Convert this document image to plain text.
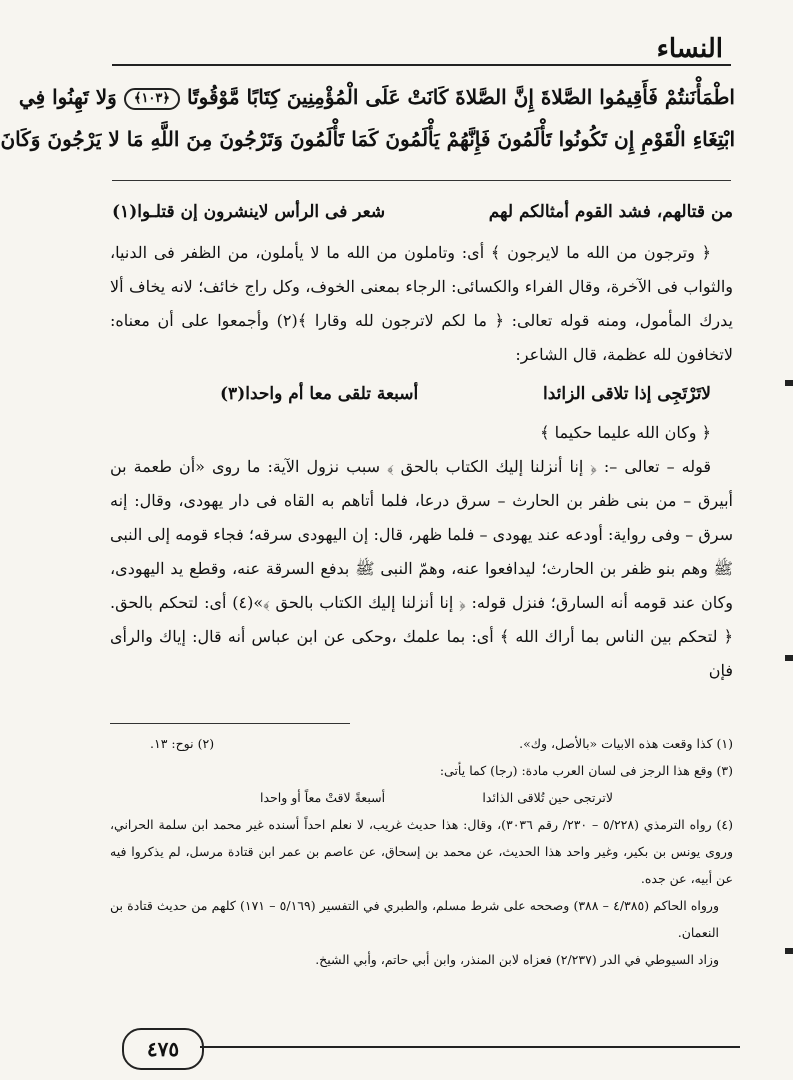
النساء
اطْمَأْنَنتُمْ فَأَقِيمُوا الصَّلاةَ إِنَّ الصَّلاةَ كَانَتْ عَلَى الْمُؤْمِنِينَ كِتَابًا مَّوْقُوتًا ﴿١٠٣﴾ وَلا تَهِنُوا فِي
ابْتِغَاءِ الْقَوْمِ إِن تَكُونُوا تَأْلَمُونَ فَإِنَّهُمْ يَأْلَمُونَ كَمَا تَأْلَمُونَ وَتَرْجُونَ مِنَ اللَّهِ مَا لا يَرْجُونَ وَكَانَ
من قتالهم، فشد القوم أمثالكم لهم
شعر فى الرأس لاينشرون إن قتلـوا(١)

﴿ وترجون من الله ما لايرجون ﴾ أى: وتاملون من الله ما لا يأملون، من الظفر فى الدنيا، والثواب فى الآخرة، وقال الفراء والكسائى: الرجاء بمعنى الخوف، وكل راج خائف؛ لانه يخاف ألا يدرك المأمول، ومنه قوله تعالى: ﴿ ما لكم لاترجون لله وقارا ﴾(٢) وأجمعوا على أن معناه: لاتخافون لله عظمة، قال الشاعر:

لاتَرْتَجِى إذا تلاقى الزائدا
أسبعة تلقى معا أم واحدا(٣)

﴿ وكان الله عليما حكيما ﴾

قوله – تعالى –: ﴿ إنا أنزلنا إليك الكتاب بالحق ﴾ سبب نزول الآية: ما روى «أن طعمة بن أبيرق – من بنى ظفر بن الحارث – سرق درعا، فلما أتاهم به القاه فى دار يهودى، وقال: إنه سرق – وفى رواية: أودعه عند يهودى – فلما ظهر، قال: إن اليهودى سرقه؛ فجاء قومه إلى النبى ﷺ وهم بنو ظفر بن الحارث؛ ليدافعوا عنه، وهمّ النبى ﷺ بدفع السرقة عنه، وقطع يد اليهودى، وكان عند قومه أنه السارق؛ فنزل قوله: ﴿ إنا أنزلنا إليك الكتاب بالحق ﴾»(٤) أى: لتحكم بالحق. ﴿ لتحكم بين الناس بما أراك الله ﴾ أى: بما علمك ،وحكى عن ابن عباس أنه قال: إياك والرأى فإن

(١) كذا وقعت هذه الابيات «بالأصل، وك».
(٢) نوح: ١٣.

(٣) وقع هذا الرجز فى لسان العرب مادة: (رجا) كما يأتى:

لاترتجى حين تُلاقى الذائدا
أسبعةً لاقتْ معاً أو واحدا

(٤) رواه الترمذي (٥/٢٢٨ – ٢٣٠/ رقم ٣٠٣٦)، وقال: هذا حديث غريب، لا نعلم احداً أسنده غير محمد ابن سلمة الحراني، وروى يونس بن بكير، وغير واحد هذا الحديث، عن محمد بن إسحاق، عن عاصم بن عمر ابن قتادة مرسل، لم يذكروا فيه عن أبيه، عن جده.

ورواه الحاكم (٤/٣٨٥ – ٣٨٨) وصححه على شرط مسلم، والطبري في التفسير (٥/١٦٩ – ١٧١) كلهم من حديث قتادة بن النعمان.

وزاد السيوطي في الدر (٢/٢٣٧) فعزاه لابن المنذر، وابن أبي حاتم، وأبي الشيخ.

٤٧٥
